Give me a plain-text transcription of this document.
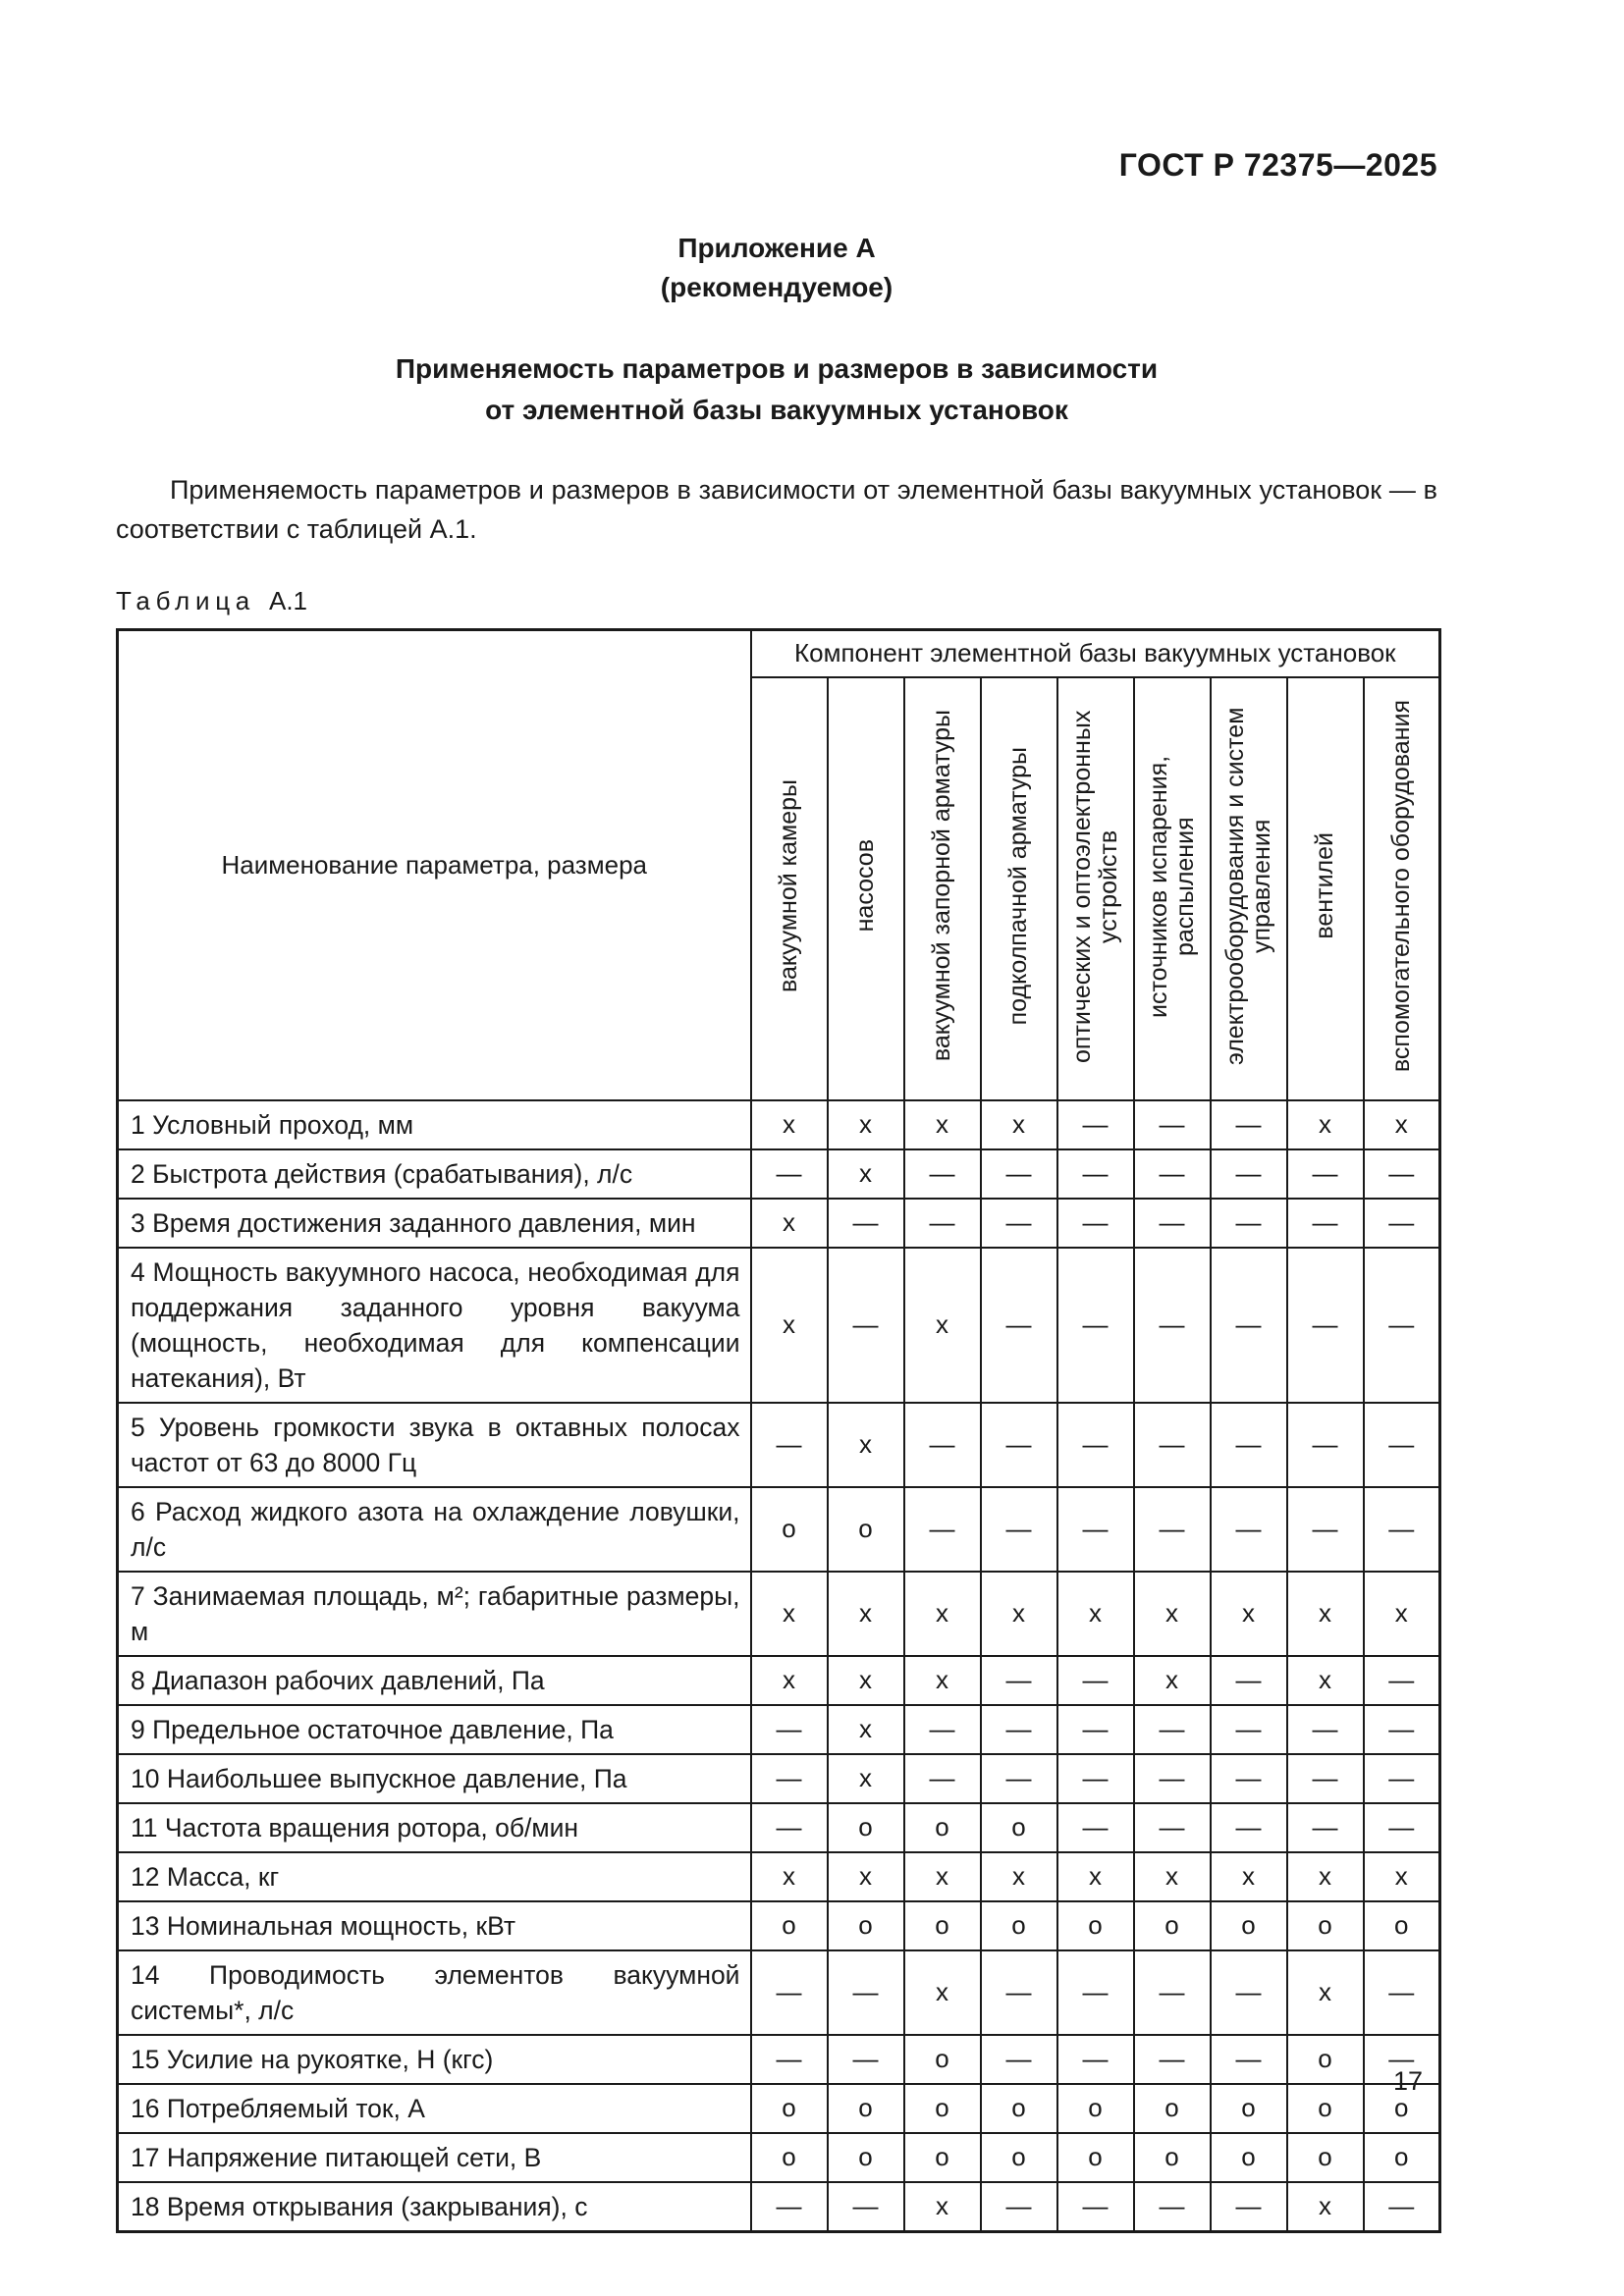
ГОСТ Р 72375—2025
Приложение А
(рекомендуемое)
Применяемость параметров и размеров в зависимости
от элементной базы вакуумных установок

Применяемость параметров и размеров в зависимости от элементной базы вакуумных установок — в соответствии с таблицей А.1.

Таблица А.1
Наименование параметра, размера	Компонент элементной базы вакуумных установок								
	вакуумной камеры	насосов	вакуумной запорной арматуры	подколпачной арматуры	оптических и оптоэлектронных устройств	источников испарения, распыления	электрооборудования и систем управления	вентилей	вспомогательного оборудования
1 Условный проход, мм	х	х	х	х	—	—	—	х	х
2 Быстрота действия (срабатывания), л/с	—	х	—	—	—	—	—	—	—
3 Время достижения заданного давления, мин	х	—	—	—	—	—	—	—	—
4 Мощность вакуумного насоса, необходимая для поддержания заданного уровня вакуума (мощность, необходимая для компенсации натекания), Вт	х	—	х	—	—	—	—	—	—
5 Уровень громкости звука в октавных полосах частот от 63 до 8000 Гц	—	х	—	—	—	—	—	—	—
6 Расход жидкого азота на охлаждение ловушки, л/с	о	о	—	—	—	—	—	—	—
7 Занимаемая площадь, м²; габаритные размеры, м	х	х	х	х	х	х	х	х	х
8 Диапазон рабочих давлений, Па	х	х	х	—	—	х	—	х	—
9 Предельное остаточное давление, Па	—	х	—	—	—	—	—	—	—
10 Наибольшее выпускное давление, Па	—	х	—	—	—	—	—	—	—
11 Частота вращения ротора, об/мин	—	о	о	о	—	—	—	—	—
12 Масса, кг	х	х	х	х	х	х	х	х	х
13 Номинальная мощность, кВт	о	о	о	о	о	о	о	о	о
14 Проводимость элементов вакуумной системы*, л/с	—	—	х	—	—	—	—	х	—
15 Усилие на рукоятке, Н (кгс)	—	—	о	—	—	—	—	о	—
16 Потребляемый ток, А	о	о	о	о	о	о	о	о	о
17 Напряжение питающей сети, В	о	о	о	о	о	о	о	о	о
18 Время открывания (закрывания), с	—	—	х	—	—	—	—	х	—
17
